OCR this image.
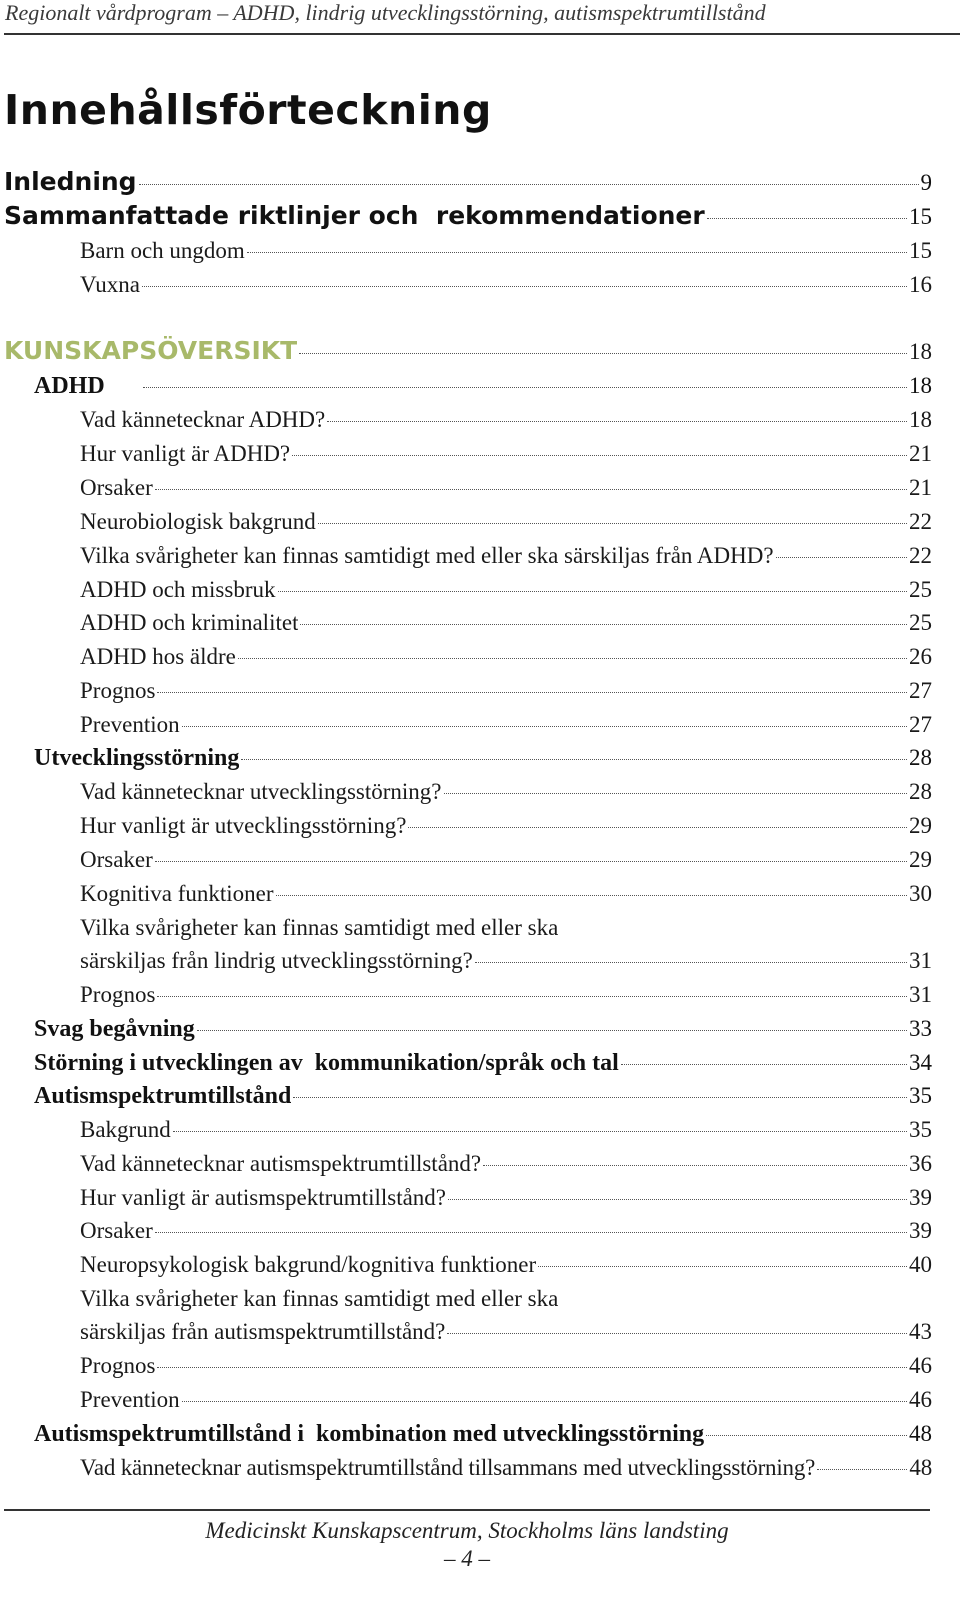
Regionalt vårdprogram – ADHD, lindrig utvecklingsstörning, autismspektrumtillstånd
Innehållsförteckning
Inledning	9
Sammanfattade riktlinjer och  rekommendationer	15
Barn och ungdom	15
Vuxna	16
KUNSKAPSÖVERSIKT	18
ADHD	18
Vad kännetecknar ADHD?	18
Hur vanligt är ADHD?	21
Orsaker	21
Neurobiologisk bakgrund	22
Vilka svårigheter kan finnas samtidigt med eller ska särskiljas från ADHD?	22
ADHD och missbruk	25
ADHD och kriminalitet	25
ADHD hos äldre	26
Prognos	27
Prevention	27
Utvecklingsstörning	28
Vad kännetecknar utvecklingsstörning?	28
Hur vanligt är utvecklingsstörning?	29
Orsaker	29
Kognitiva funktioner	30
Vilka svårigheter kan finnas samtidigt med eller ska
särskiljas från lindrig utvecklingsstörning?	31
Prognos	31
Svag begåvning	33
Störning i utvecklingen av  kommunikation/språk och tal	34
Autismspektrumtillstånd	35
Bakgrund	35
Vad kännetecknar autismspektrumtillstånd?	36
Hur vanligt är autismspektrumtillstånd?	39
Orsaker	39
Neuropsykologisk bakgrund/kognitiva funktioner	40
Vilka svårigheter kan finnas samtidigt med eller ska
särskiljas från autismspektrumtillstånd?	43
Prognos	46
Prevention	46
Autismspektrumtillstånd i  kombination med utvecklingsstörning	48
Vad kännetecknar autismspektrumtillstånd tillsammans med utvecklingsstörning?	48
Medicinskt Kunskapscentrum, Stockholms läns landsting
– 4 –
